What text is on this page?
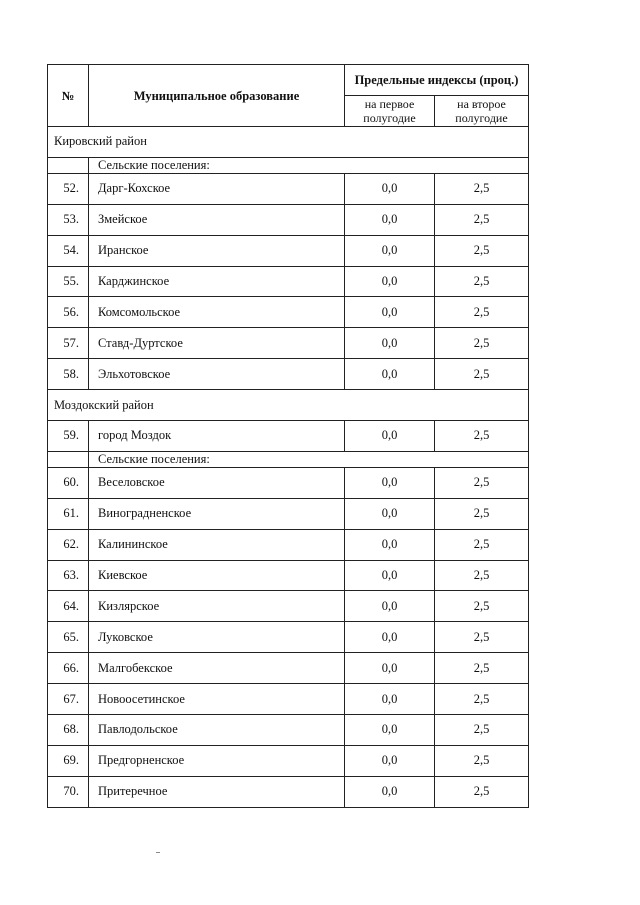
№	Муниципальное образование	Предельные индексы (проц.)	
		на первое полугодие	на второе полугодие
Кировский район			
	Сельские поселения:		
52.	Дарг-Кохское	0,0	2,5
53.	Змейское	0,0	2,5
54.	Иранское	0,0	2,5
55.	Карджинское	0,0	2,5
56.	Комсомольское	0,0	2,5
57.	Ставд-Дуртское	0,0	2,5
58.	Эльхотовское	0,0	2,5
Моздокский район			
59.	город Моздок	0,0	2,5
	Сельские поселения:		
60.	Веселовское	0,0	2,5
61.	Виноградненское	0,0	2,5
62.	Калининское	0,0	2,5
63.	Киевское	0,0	2,5
64.	Кизлярское	0,0	2,5
65.	Луковское	0,0	2,5
66.	Малгобекское	0,0	2,5
67.	Новоосетинское	0,0	2,5
68.	Павлодольское	0,0	2,5
69.	Предгорненское	0,0	2,5
70.	Притеречное	0,0	2,5
